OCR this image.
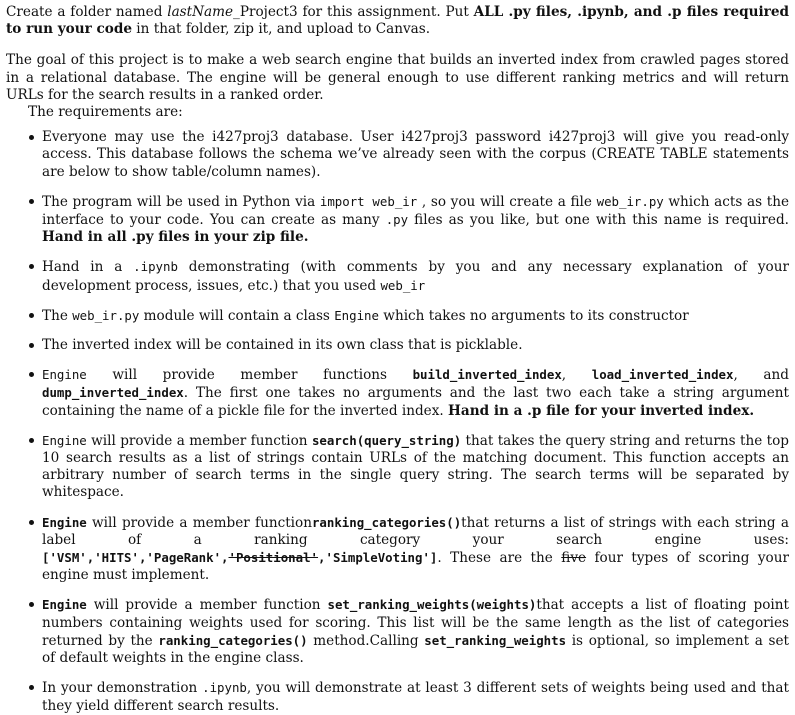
Create a folder named lastName_Project3 for this assignment. Put ALL .py files, .ipynb, and .p files required to run your code in that folder, zip it, and upload to Canvas.

The goal of this project is to make a web search engine that builds an inverted index from crawled pages stored in a relational database. The engine will be general enough to use different ranking metrics and will return URLs for the search results in a ranked order.

The requirements are:

Everyone may use the i427proj3 database. User i427proj3 password i427proj3 will give you read-only access. This database follows the schema we’ve already seen with the corpus (CREATE TABLE statements are below to show table/column names).
The program will be used in Python via import web_ir , so you will create a file web_ir.py which acts as the interface to your code. You can create as many .py files as you like, but one with this name is required. Hand in all .py files in your zip file.
Hand in a .ipynb demonstrating (with comments by you and any necessary explanation of your development process, issues, etc.) that you used web_ir
The web_ir.py module will contain a class Engine which takes no arguments to its constructor
The inverted index will be contained in its own class that is picklable.
Engine will provide member functions build_inverted_index, load_inverted_index, and dump_inverted_index. The first one takes no arguments and the last two each take a string argument containing the name of a pickle file for the inverted index. Hand in a .p file for your inverted index.
Engine will provide a member function search(query_string) that takes the query string and returns the top 10 search results as a list of strings contain URLs of the matching document. This function accepts an arbitrary number of search terms in the single query string. The search terms will be separated by whitespace.
Engine will provide a member functionranking_categories()that returns a list of strings with each string a label of a ranking category your search engine uses: ['VSM','HITS','PageRank','Positional','SimpleVoting']. These are the five four types of scoring your engine must implement.
Engine will provide a member function set_ranking_weights(weights)that accepts a list of floating point numbers containing weights used for scoring. This list will be the same length as the list of categories returned by the ranking_categories() method.Calling set_ranking_weights is optional, so implement a set of default weights in the engine class.
In your demonstration .ipynb, you will demonstrate at least 3 different sets of weights being used and that they yield different search results.
